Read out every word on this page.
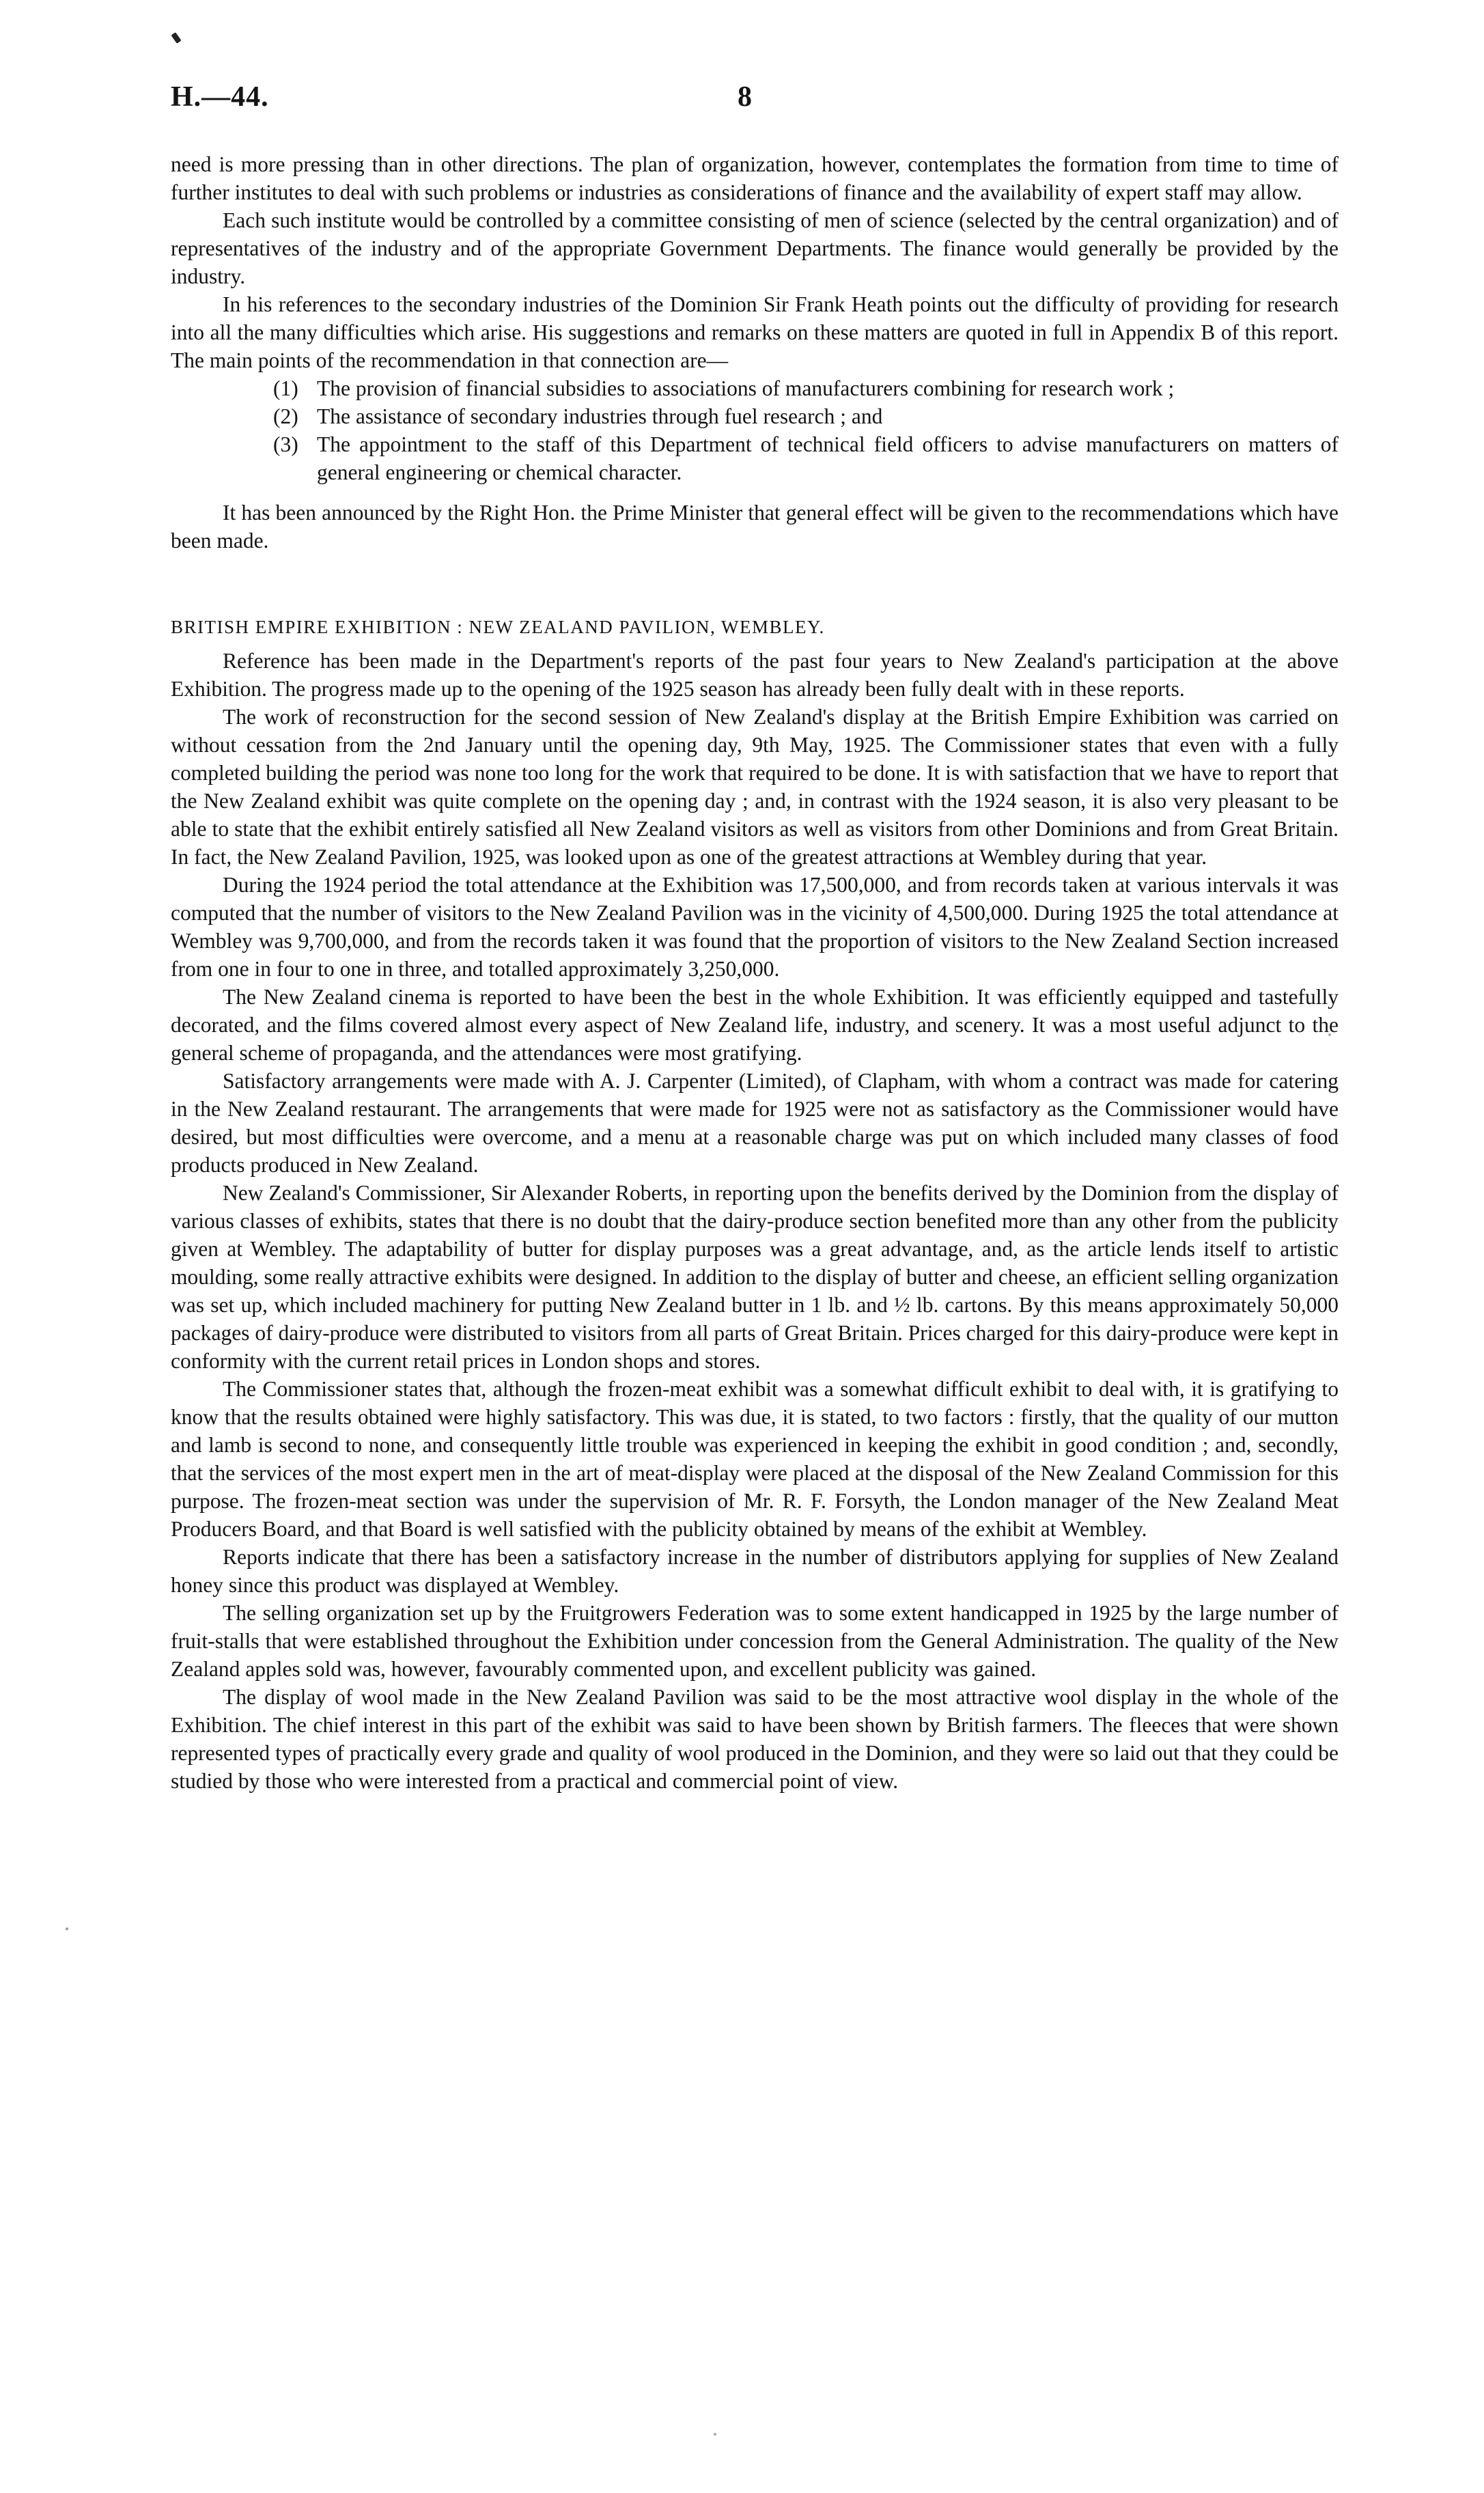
H.—44.	8

need is more pressing than in other directions. The plan of organization, however, contemplates the formation from time to time of further institutes to deal with such problems or industries as considerations of finance and the availability of expert staff may allow.

Each such institute would be controlled by a committee consisting of men of science (selected by the central organization) and of representatives of the industry and of the appropriate Government Departments. The finance would generally be provided by the industry.

In his references to the secondary industries of the Dominion Sir Frank Heath points out the difficulty of providing for research into all the many difficulties which arise. His suggestions and remarks on these matters are quoted in full in Appendix B of this report. The main points of the recommendation in that connection are—

(1) The provision of financial subsidies to associations of manufacturers combining for research work ;
(2) The assistance of secondary industries through fuel research ; and
(3) The appointment to the staff of this Department of technical field officers to advise manufacturers on matters of general engineering or chemical character.

It has been announced by the Right Hon. the Prime Minister that general effect will be given to the recommendations which have been made.

BRITISH EMPIRE EXHIBITION : NEW ZEALAND PAVILION, WEMBLEY.

Reference has been made in the Department's reports of the past four years to New Zealand's participation at the above Exhibition. The progress made up to the opening of the 1925 season has already been fully dealt with in these reports.

The work of reconstruction for the second session of New Zealand's display at the British Empire Exhibition was carried on without cessation from the 2nd January until the opening day, 9th May, 1925. The Commissioner states that even with a fully completed building the period was none too long for the work that required to be done. It is with satisfaction that we have to report that the New Zealand exhibit was quite complete on the opening day ; and, in contrast with the 1924 season, it is also very pleasant to be able to state that the exhibit entirely satisfied all New Zealand visitors as well as visitors from other Dominions and from Great Britain. In fact, the New Zealand Pavilion, 1925, was looked upon as one of the greatest attractions at Wembley during that year.

During the 1924 period the total attendance at the Exhibition was 17,500,000, and from records taken at various intervals it was computed that the number of visitors to the New Zealand Pavilion was in the vicinity of 4,500,000. During 1925 the total attendance at Wembley was 9,700,000, and from the records taken it was found that the proportion of visitors to the New Zealand Section increased from one in four to one in three, and totalled approximately 3,250,000.

The New Zealand cinema is reported to have been the best in the whole Exhibition. It was efficiently equipped and tastefully decorated, and the films covered almost every aspect of New Zealand life, industry, and scenery. It was a most useful adjunct to the general scheme of propaganda, and the attendances were most gratifying.

Satisfactory arrangements were made with A. J. Carpenter (Limited), of Clapham, with whom a contract was made for catering in the New Zealand restaurant. The arrangements that were made for 1925 were not as satisfactory as the Commissioner would have desired, but most difficulties were overcome, and a menu at a reasonable charge was put on which included many classes of food products produced in New Zealand.

New Zealand's Commissioner, Sir Alexander Roberts, in reporting upon the benefits derived by the Dominion from the display of various classes of exhibits, states that there is no doubt that the dairy-produce section benefited more than any other from the publicity given at Wembley. The adaptability of butter for display purposes was a great advantage, and, as the article lends itself to artistic moulding, some really attractive exhibits were designed. In addition to the display of butter and cheese, an efficient selling organization was set up, which included machinery for putting New Zealand butter in 1 lb. and ½ lb. cartons. By this means approximately 50,000 packages of dairy-produce were distributed to visitors from all parts of Great Britain. Prices charged for this dairy-produce were kept in conformity with the current retail prices in London shops and stores.

The Commissioner states that, although the frozen-meat exhibit was a somewhat difficult exhibit to deal with, it is gratifying to know that the results obtained were highly satisfactory. This was due, it is stated, to two factors : firstly, that the quality of our mutton and lamb is second to none, and consequently little trouble was experienced in keeping the exhibit in good condition ; and, secondly, that the services of the most expert men in the art of meat-display were placed at the disposal of the New Zealand Commission for this purpose. The frozen-meat section was under the supervision of Mr. R. F. Forsyth, the London manager of the New Zealand Meat Producers Board, and that Board is well satisfied with the publicity obtained by means of the exhibit at Wembley.

Reports indicate that there has been a satisfactory increase in the number of distributors applying for supplies of New Zealand honey since this product was displayed at Wembley.

The selling organization set up by the Fruitgrowers Federation was to some extent handicapped in 1925 by the large number of fruit-stalls that were established throughout the Exhibition under concession from the General Administration. The quality of the New Zealand apples sold was, however, favourably commented upon, and excellent publicity was gained.

The display of wool made in the New Zealand Pavilion was said to be the most attractive wool display in the whole of the Exhibition. The chief interest in this part of the exhibit was said to have been shown by British farmers. The fleeces that were shown represented types of practically every grade and quality of wool produced in the Dominion, and they were so laid out that they could be studied by those who were interested from a practical and commercial point of view.
